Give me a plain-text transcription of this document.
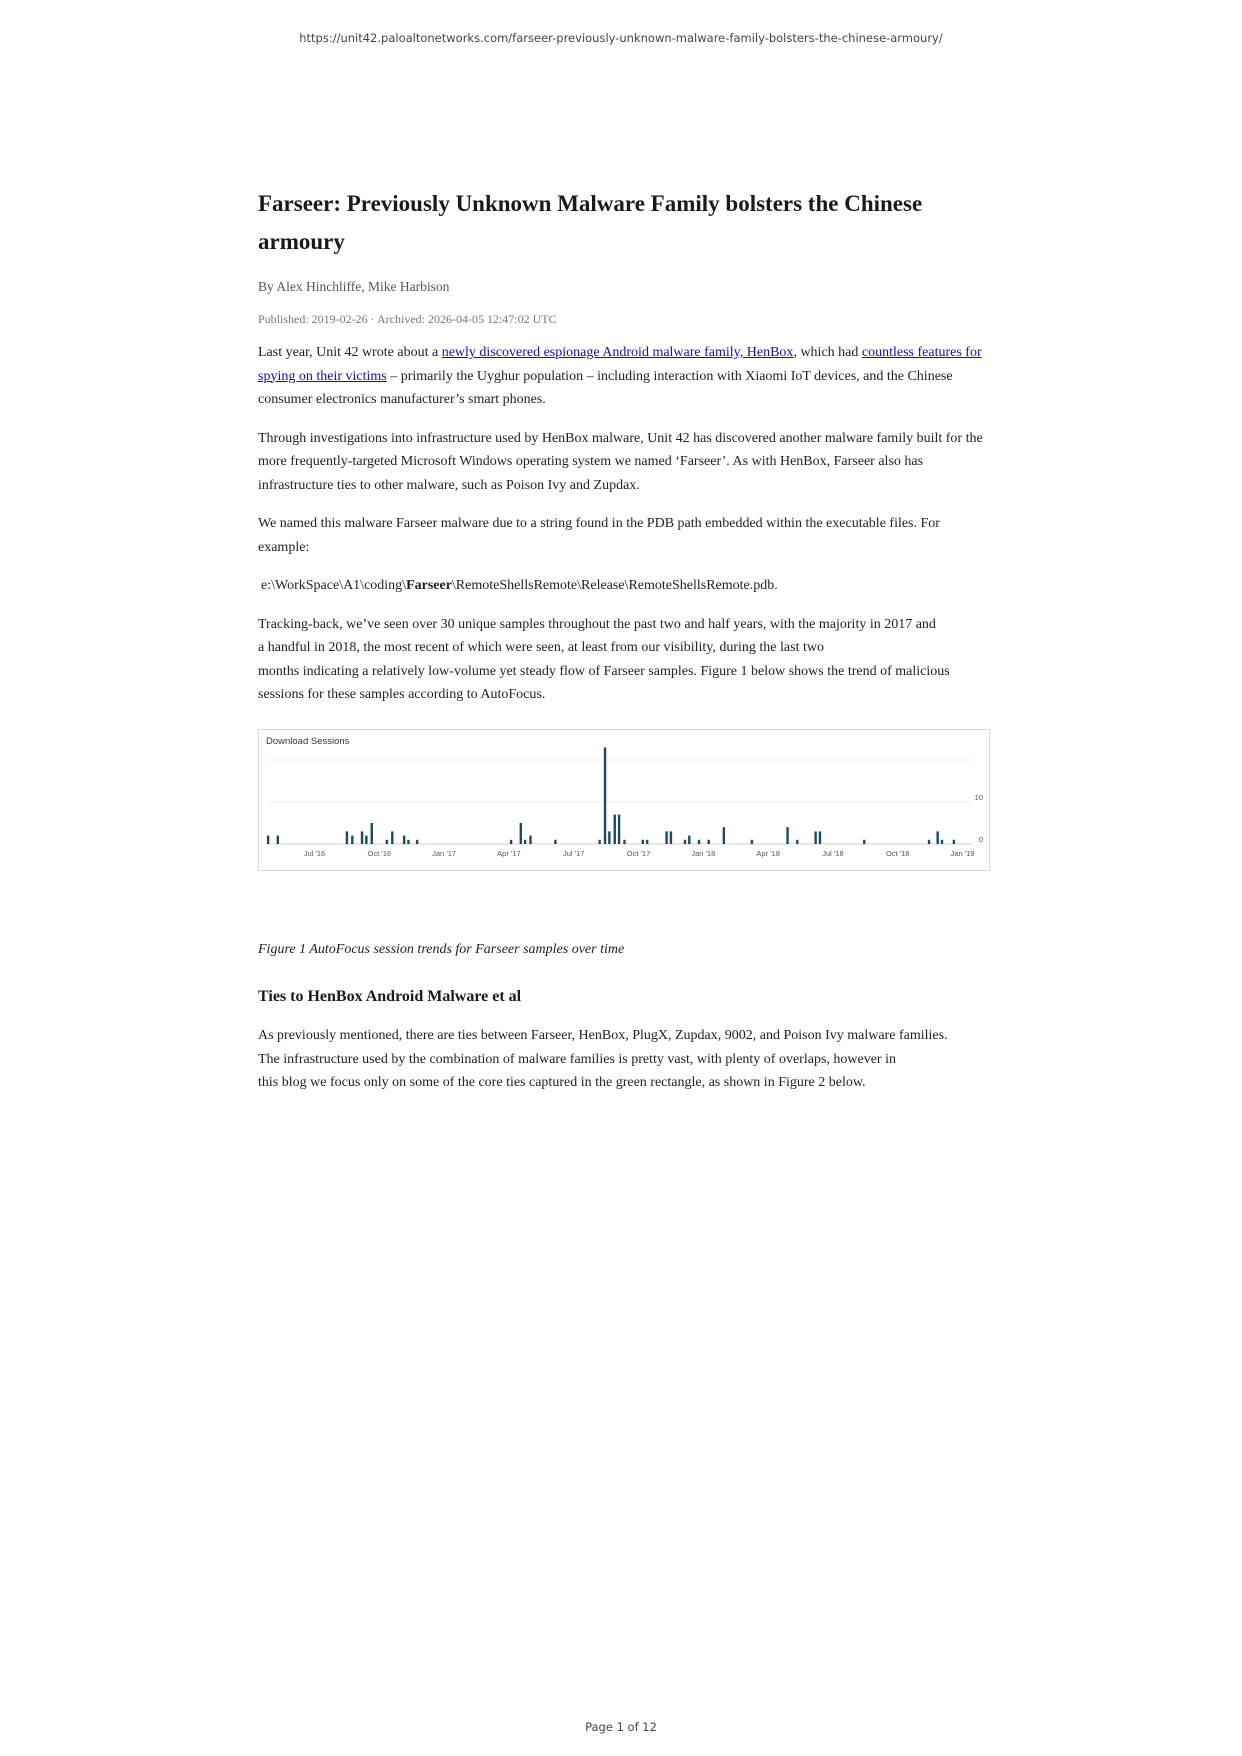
https://unit42.paloaltonetworks.com/farseer-previously-unknown-malware-family-bolsters-the-chinese-armoury/
Farseer: Previously Unknown Malware Family bolsters the Chinese armoury
By Alex Hinchliffe, Mike Harbison
Published: 2019-02-26 · Archived: 2026-04-05 12:47:02 UTC

Last year, Unit 42 wrote about a newly discovered espionage Android malware family, HenBox, which had countless features for spying on their victims – primarily the Uyghur population – including interaction with Xiaomi IoT devices, and the Chinese consumer electronics manufacturer’s smart phones.

Through investigations into infrastructure used by HenBox malware, Unit 42 has discovered another malware family built for the more frequently-targeted Microsoft Windows operating system we named ‘Farseer’. As with HenBox, Farseer also has infrastructure ties to other malware, such as Poison Ivy and Zupdax.

We named this malware Farseer malware due to a string found in the PDB path embedded within the executable files. For example:

e:\WorkSpace\A1\coding\Farseer\RemoteShellsRemote\Release\RemoteShellsRemote.pdb.

Tracking-back, we’ve seen over 30 unique samples throughout the past two and half years, with the majority in 2017 and
a handful in 2018, the most recent of which were seen, at least from our visibility, during the last two
months indicating a relatively low-volume yet steady flow of Farseer samples. Figure 1 below shows the trend of malicious sessions for these samples according to AutoFocus.

Download Sessions
10
0
Jul '16	Oct '16	Jan '17	Apr '17	Jul '17	Oct '17	Jan '18	Apr '18	Jul '18	Oct '18	Jan '19

Figure 1 AutoFocus session trends for Farseer samples over time

Ties to HenBox Android Malware et al

As previously mentioned, there are ties between Farseer, HenBox, PlugX, Zupdax, 9002, and Poison Ivy malware families.
The infrastructure used by the combination of malware families is pretty vast, with plenty of overlaps, however in
this blog we focus only on some of the core ties captured in the green rectangle, as shown in Figure 2 below.

Page 1 of 12
